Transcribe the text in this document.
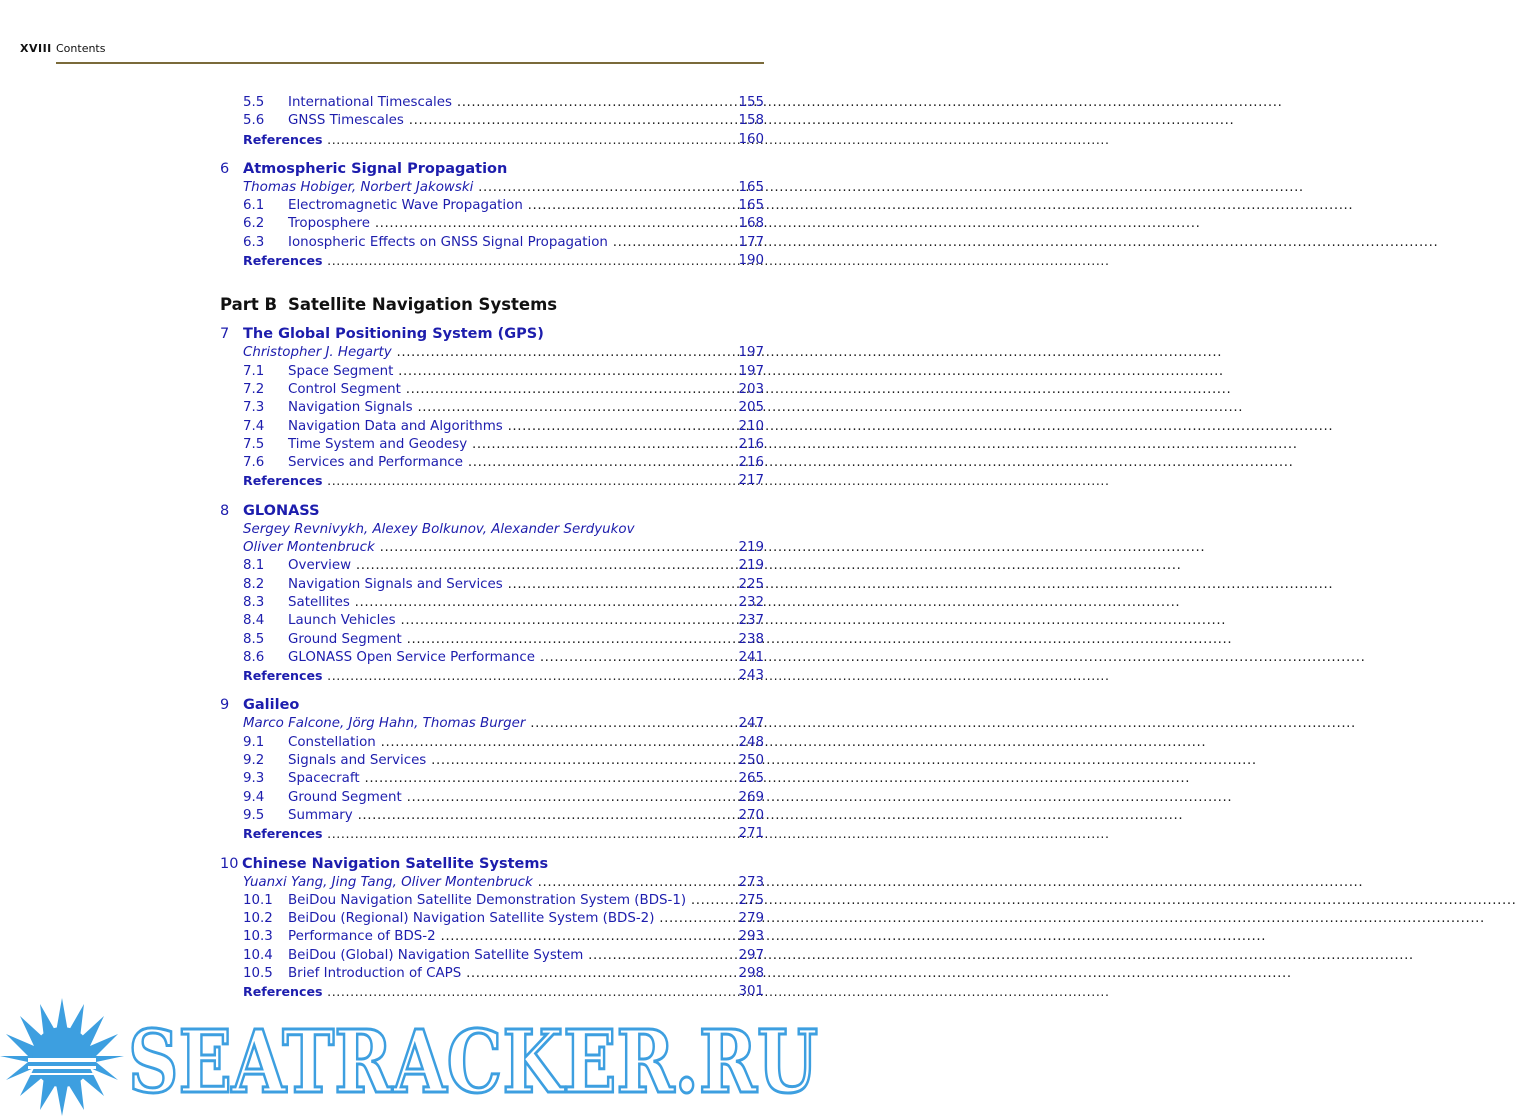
XVIII Contents
5.5 International Timescales .....	155
5.6 GNSS Timescales .....	158
References .....	160
6 Atmospheric Signal Propagation
Thomas Hobiger, Norbert Jakowski .....	165
6.1 Electromagnetic Wave Propagation .....	165
6.2 Troposphere .....	168
6.3 Ionospheric Effects on GNSS Signal Propagation .....	177
References .....	190
Part B Satellite Navigation Systems
7 The Global Positioning System (GPS)
Christopher J. Hegarty .....	197
7.1 Space Segment .....	197
7.2 Control Segment .....	203
7.3 Navigation Signals .....	205
7.4 Navigation Data and Algorithms .....	210
7.5 Time System and Geodesy .....	216
7.6 Services and Performance .....	216
References .....	217
8 GLONASS
Sergey Revnivykh, Alexey Bolkunov, Alexander Serdyukov
Oliver Montenbruck .....	219
8.1 Overview .....	219
8.2 Navigation Signals and Services .....	225
8.3 Satellites .....	232
8.4 Launch Vehicles .....	237
8.5 Ground Segment .....	238
8.6 GLONASS Open Service Performance .....	241
References .....	243
9 Galileo
Marco Falcone, Jörg Hahn, Thomas Burger .....	247
9.1 Constellation .....	248
9.2 Signals and Services .....	250
9.3 Spacecraft .....	265
9.4 Ground Segment .....	269
9.5 Summary .....	270
References .....	271
10 Chinese Navigation Satellite Systems
Yuanxi Yang, Jing Tang, Oliver Montenbruck .....	273
10.1 BeiDou Navigation Satellite Demonstration System (BDS-1) .....	275
10.2 BeiDou (Regional) Navigation Satellite System (BDS-2) .....	279
10.3 Performance of BDS-2 .....	293
10.4 BeiDou (Global) Navigation Satellite System .....	297
10.5 Brief Introduction of CAPS .....	298
References .....	301
SEATRACKER.RU
